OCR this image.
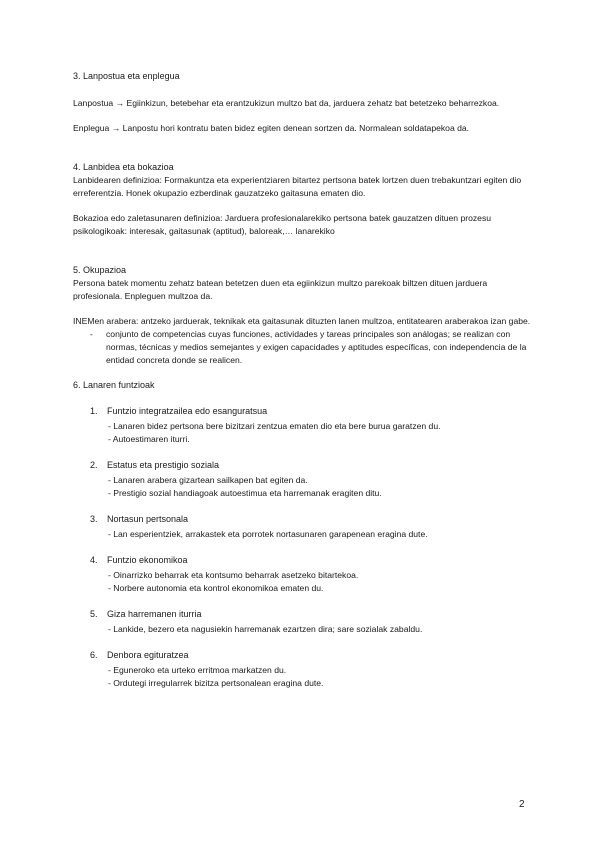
3. Lanpostua eta enplegua

Lanpostua → Egiinkizun, betebehar eta erantzukizun multzo bat da, jarduera zehatz bat betetzeko beharrezkoa.

Enplegua → Lanpostu hori kontratu baten bidez egiten denean sortzen da. Normalean soldatapekoa da.

4. Lanbidea eta bokazioa

Lanbidearen definizioa: Formakuntza eta experientziaren bitartez pertsona batek lortzen duen trebakuntzari egiten dio erreferentzia. Honek okupazio ezberdinak gauzatzeko gaitasuna ematen dio.

Bokazioa edo zaletasunaren definizioa: Jarduera profesionalarekiko pertsona batek gauzatzen dituen prozesu psikologikoak: interesak, gaitasunak (aptitud), baloreak,… lanarekiko

5. Okupazioa

Persona batek momentu zehatz batean betetzen duen eta egiinkizun multzo parekoak biltzen dituen jarduera profesionala. Enpleguen multzoa da.

INEMen arabera: antzeko jarduerak, teknikak eta gaitasunak dituzten lanen multzoa, entitatearen araberakoa izan gabe.

- conjunto de competencias cuyas funciones, actividades y tareas principales son análogas; se realizan con normas, técnicas y medios semejantes y exigen capacidades y aptitudes específicas, con independencia de la entidad concreta donde se realicen.

6. Lanaren funtzioak

1. Funtzio integratzailea edo esanguratsua
- Lanaren bidez pertsona bere bizitzari zentzua ematen dio eta bere burua garatzen du.
- Autoestimaren iturri.
2. Estatus eta prestigio soziala
- Lanaren arabera gizartean sailkapen bat egiten da.
- Prestigio sozial handiagoak autoestimua eta harremanak eragiten ditu.
3. Nortasun pertsonala
- Lan esperientziek, arrakastek eta porrotek nortasunaren garapenean eragina dute.
4. Funtzio ekonomikoa
- Oinarrizko beharrak eta kontsumo beharrak asetzeko bitartekoa.
- Norbere autonomia eta kontrol ekonomikoa ematen du.
5. Giza harremanen iturria
- Lankide, bezero eta nagusiekin harremanak ezartzen dira; sare sozialak zabaldu.
6. Denbora egituratzea
- Eguneroko eta urteko erritmoa markatzen du.
- Ordutegi irregularrek bizitza pertsonalean eragina dute.
2
